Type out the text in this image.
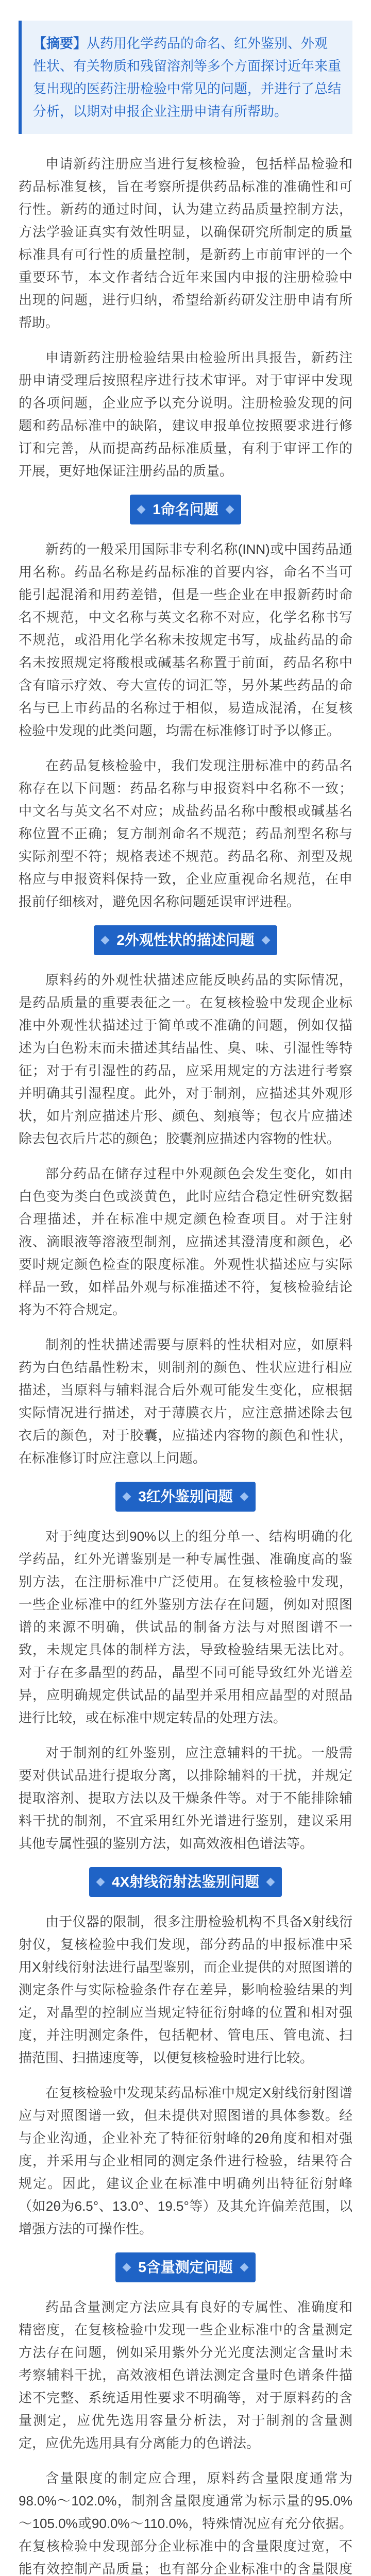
【摘要】从药用化学药品的命名、红外鉴别、外观性状、有关物质和残留溶剂等多个方面探讨近年来重复出现的医药注册检验中常见的问题，并进行了总结分析，以期对申报企业注册申请有所帮助。

申请新药注册应当进行复核检验，包括样品检验和药品标准复核，旨在考察所提供药品标准的准确性和可行性。新药的通过时间，认为建立药品质量控制方法，方法学验证真实有效性明显，以确保研究所制定的质量标准具有可行性的质量控制，是新药上市前审评的一个重要环节，本文作者结合近年来国内申报的注册检验中出现的问题，进行归纳，希望给新药研发注册申请有所帮助。

申请新药注册检验结果由检验所出具报告，新药注册申请受理后按照程序进行技术审评。对于审评中发现的各项问题，企业应予以充分说明。注册检验发现的问题和药品标准中的缺陷，建议申报单位按照要求进行修订和完善，从而提高药品标准质量，有利于审评工作的开展，更好地保证注册药品的质量。

1命名问题

新药的一般采用国际非专利名称(INN)或中国药品通用名称。药品名称是药品标准的首要内容，命名不当可能引起混淆和用药差错，但是一些企业在申报新药时命名不规范，中文名称与英文名称不对应，化学名称书写不规范，或沿用化学名称未按规定书写，成盐药品的命名未按照规定将酸根或碱基名称置于前面，药品名称中含有暗示疗效、夸大宣传的词汇等，另外某些药品的命名与已上市药品的名称过于相似，易造成混淆，在复核检验中发现的此类问题，均需在标准修订时予以修正。

在药品复核检验中，我们发现注册标准中的药品名称存在以下问题：药品名称与申报资料中名称不一致；中文名与英文名不对应；成盐药品名称中酸根或碱基名称位置不正确；复方制剂命名不规范；药品剂型名称与实际剂型不符；规格表述不规范。药品名称、剂型及规格应与申报资料保持一致，企业应重视命名规范，在申报前仔细核对，避免因名称问题延误审评进程。

2外观性状的描述问题

原料药的外观性状描述应能反映药品的实际情况，是药品质量的重要表征之一。在复核检验中发现企业标准中外观性状描述过于简单或不准确的问题，例如仅描述为白色粉末而未描述其结晶性、臭、味、引湿性等特征；对于有引湿性的药品，应采用规定的方法进行考察并明确其引湿程度。此外，对于制剂，应描述其外观形状，如片剂应描述片形、颜色、刻痕等；包衣片应描述除去包衣后片芯的颜色；胶囊剂应描述内容物的性状。

部分药品在储存过程中外观颜色会发生变化，如由白色变为类白色或淡黄色，此时应结合稳定性研究数据合理描述，并在标准中规定颜色检查项目。对于注射液、滴眼液等溶液型制剂，应描述其澄清度和颜色，必要时规定颜色检查的限度标准。外观性状描述应与实际样品一致，如样品外观与标准描述不符，复核检验结论将为不符合规定。

制剂的性状描述需要与原料的性状相对应，如原料药为白色结晶性粉末，则制剂的颜色、性状应进行相应描述，当原料与辅料混合后外观可能发生变化，应根据实际情况进行描述，对于薄膜衣片，应注意描述除去包衣后的颜色，对于胶囊，应描述内容物的颜色和性状，在标准修订时应注意以上问题。

3红外鉴别问题

对于纯度达到90%以上的组分单一、结构明确的化学药品，红外光谱鉴别是一种专属性强、准确度高的鉴别方法，在注册标准中广泛使用。在复核检验中发现，一些企业标准中的红外鉴别方法存在问题，例如对照图谱的来源不明确，供试品的制备方法与对照图谱不一致，未规定具体的制样方法，导致检验结果无法比对。对于存在多晶型的药品，晶型不同可能导致红外光谱差异，应明确规定供试品的晶型并采用相应晶型的对照品进行比较，或在标准中规定转晶的处理方法。

对于制剂的红外鉴别，应注意辅料的干扰。一般需要对供试品进行提取分离，以排除辅料的干扰，并规定提取溶剂、提取方法以及干燥条件等。对于不能排除辅料干扰的制剂，不宜采用红外光谱进行鉴别，建议采用其他专属性强的鉴别方法，如高效液相色谱法等。

4X射线衍射法鉴别问题

由于仪器的限制，很多注册检验机构不具备X射线衍射仪，复核检验中我们发现，部分药品的申报标准中采用X射线衍射法进行晶型鉴别，而企业提供的对照图谱的测定条件与实际检验条件存在差异，影响检验结果的判定，对晶型的控制应当规定特征衍射峰的位置和相对强度，并注明测定条件，包括靶材、管电压、管电流、扫描范围、扫描速度等，以便复核检验时进行比较。

在复核检验中发现某药品标准中规定X射线衍射图谱应与对照图谱一致，但未提供对照图谱的具体参数。经与企业沟通，企业补充了特征衍射峰的2θ角度和相对强度，并采用与企业相同的测定条件进行检验，结果符合规定。因此，建议企业在标准中明确列出特征衍射峰（如2θ为6.5°、13.0°、19.5°等）及其允许偏差范围，以增强方法的可操作性。

5含量测定问题

药品含量测定方法应具有良好的专属性、准确度和精密度，在复核检验中发现一些企业标准中的含量测定方法存在问题，例如采用紫外分光光度法测定含量时未考察辅料干扰，高效液相色谱法测定含量时色谱条件描述不完整、系统适用性要求不明确等，对于原料药的含量测定，应优先选用容量分析法，对于制剂的含量测定，应优先选用具有分离能力的色谱法。

含量限度的制定应合理，原料药含量限度通常为98.0%～102.0%，制剂含量限度通常为标示量的95.0%～105.0%或90.0%～110.0%，特殊情况应有充分依据。在复核检验中发现部分企业标准中的含量限度过宽，不能有效控制产品质量；也有部分企业标准中的含量限度
